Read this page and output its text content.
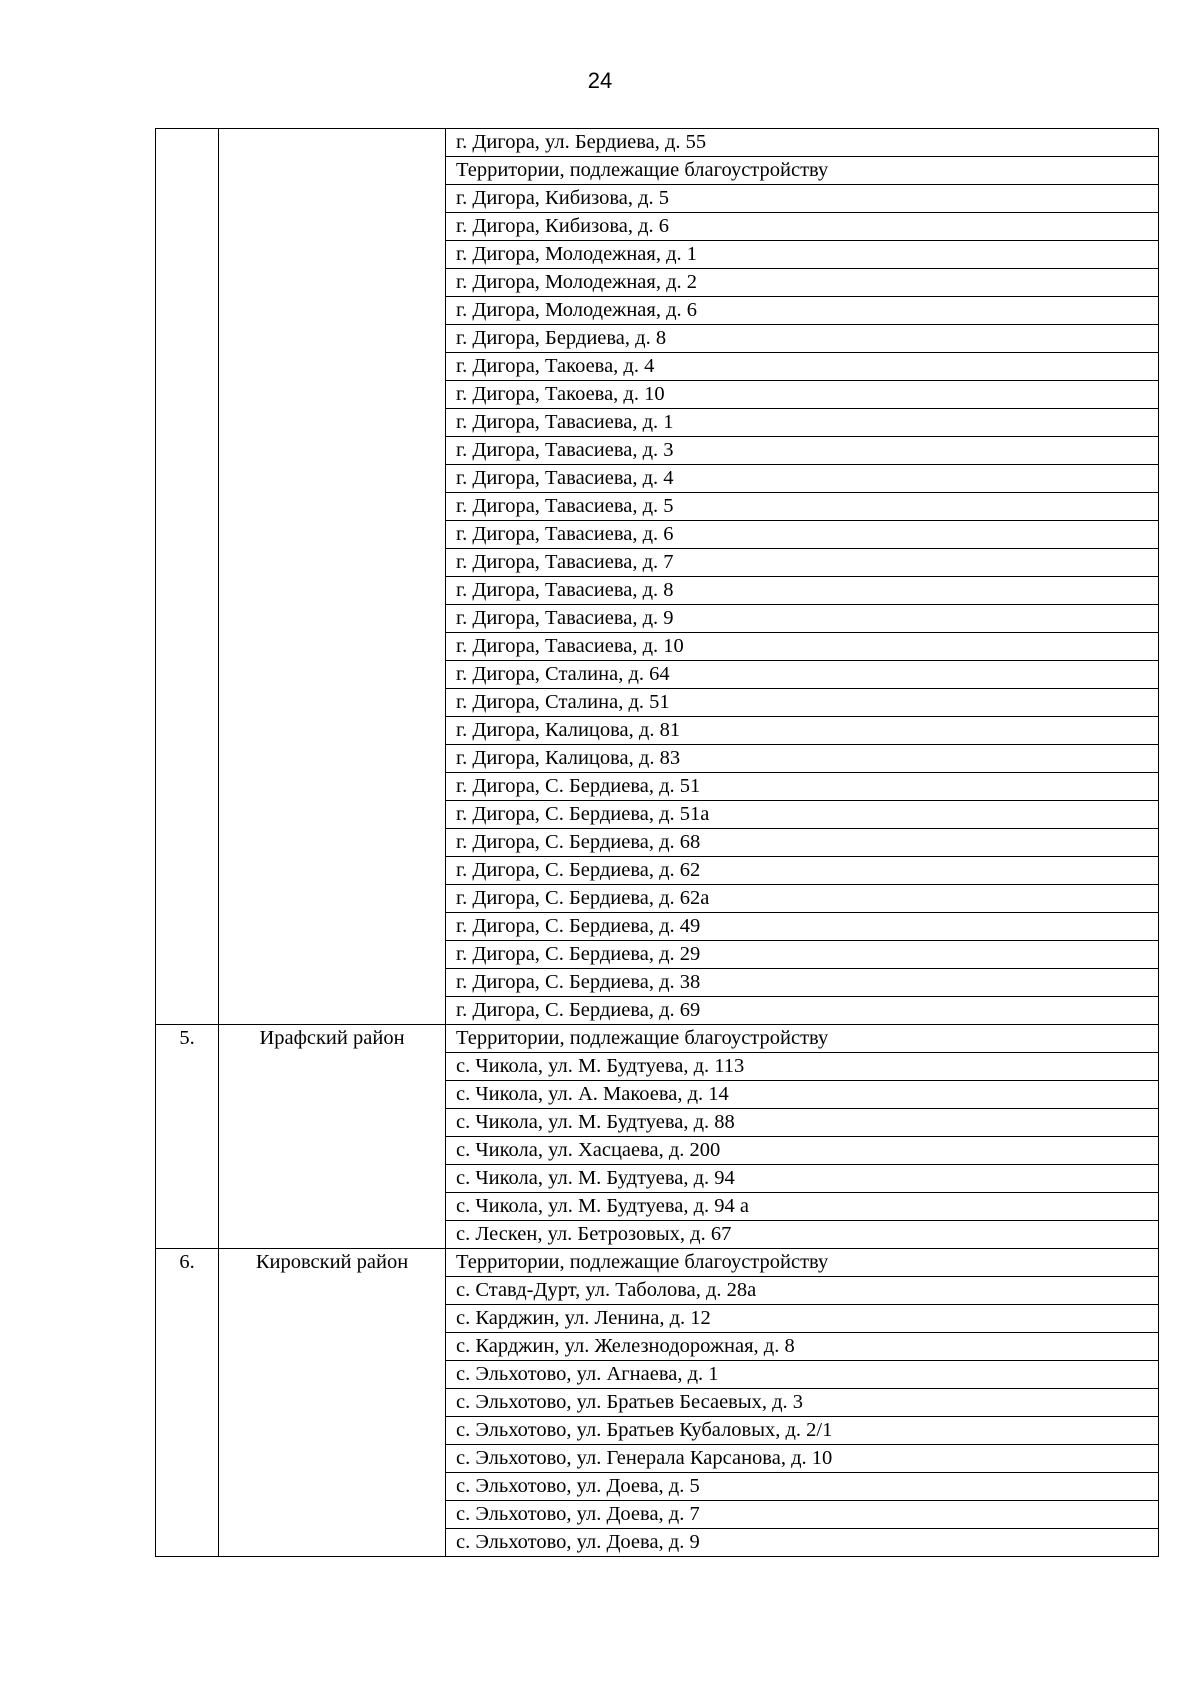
24
		г. Дигора, ул. Бердиева, д. 55
		Территории, подлежащие благоустройству
		г. Дигора, Кибизова, д. 5
		г. Дигора, Кибизова, д. 6
		г. Дигора, Молодежная, д. 1
		г. Дигора, Молодежная, д. 2
		г. Дигора, Молодежная, д. 6
		г. Дигора, Бердиева, д. 8
		г. Дигора, Такоева, д. 4
		г. Дигора, Такоева, д. 10
		г. Дигора, Тавасиева, д. 1
		г. Дигора, Тавасиева, д. 3
		г. Дигора, Тавасиева, д. 4
		г. Дигора, Тавасиева, д. 5
		г. Дигора, Тавасиева, д. 6
		г. Дигора, Тавасиева, д. 7
		г. Дигора, Тавасиева, д. 8
		г. Дигора, Тавасиева, д. 9
		г. Дигора, Тавасиева, д. 10
		г. Дигора, Сталина, д. 64
		г. Дигора, Сталина, д. 51
		г. Дигора, Калицова, д. 81
		г. Дигора, Калицова, д. 83
		г. Дигора, С. Бердиева, д. 51
		г. Дигора, С. Бердиева, д. 51а
		г. Дигора, С. Бердиева, д. 68
		г. Дигора, С. Бердиева, д. 62
		г. Дигора, С. Бердиева, д. 62а
		г. Дигора, С. Бердиева, д. 49
		г. Дигора, С. Бердиева, д. 29
		г. Дигора, С. Бердиева, д. 38
		г. Дигора, С. Бердиева, д. 69
5.	Ирафский район	Территории, подлежащие благоустройству
		с. Чикола, ул. М. Будтуева, д. 113
		с. Чикола, ул. А. Макоева, д. 14
		с. Чикола, ул. М. Будтуева, д. 88
		с. Чикола, ул. Хасцаева, д. 200
		с. Чикола, ул. М. Будтуева, д. 94
		с. Чикола, ул. М. Будтуева, д. 94 а
		с. Лескен, ул. Бетрозовых, д. 67
6.	Кировский район	Территории, подлежащие благоустройству
		с. Ставд-Дурт, ул. Таболова, д. 28а
		с. Карджин, ул. Ленина, д. 12
		с. Карджин, ул. Железнодорожная, д. 8
		с. Эльхотово, ул. Агнаева, д. 1
		с. Эльхотово, ул. Братьев Бесаевых, д. 3
		с. Эльхотово, ул. Братьев Кубаловых, д. 2/1
		с. Эльхотово, ул. Генерала Карсанова, д. 10
		с. Эльхотово, ул. Доева, д. 5
		с. Эльхотово, ул. Доева, д. 7
		с. Эльхотово, ул. Доева, д. 9
